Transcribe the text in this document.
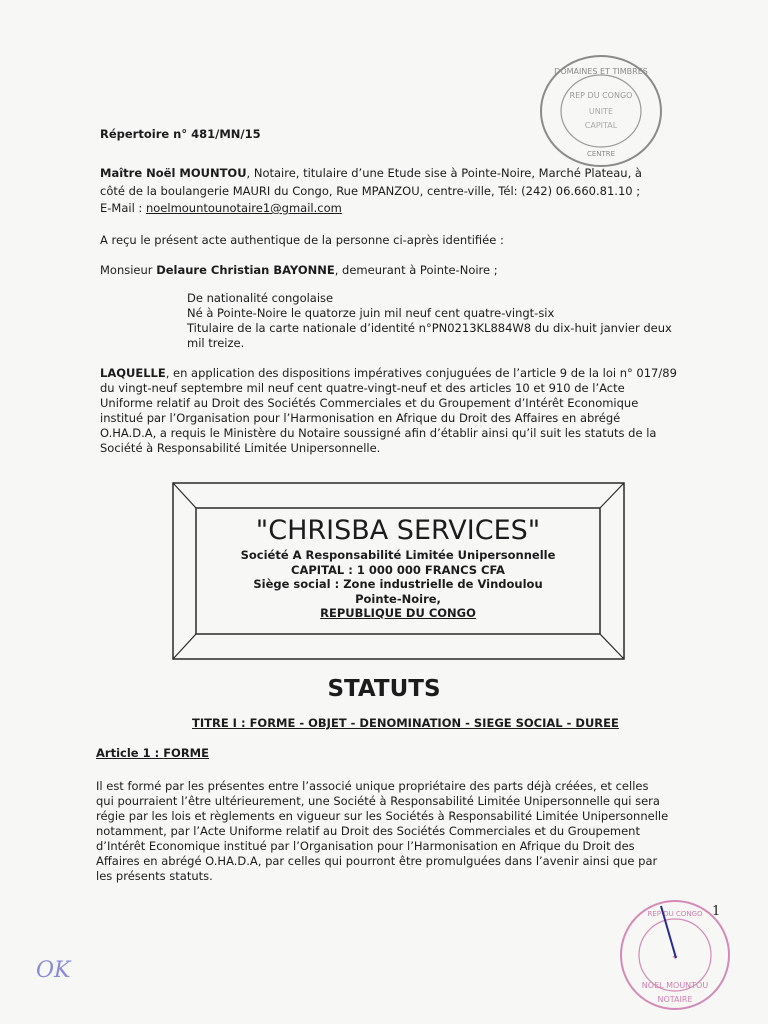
DOMAINES ET TIMBRES
REP DU CONGO
UNITE
CAPITAL
CENTRE

Répertoire n° 481/MN/15

Maître Noël MOUNTOU, Notaire, titulaire d’une Etude sise à Pointe-Noire, Marché Plateau, à

côté de la boulangerie MAURI du Congo, Rue MPANZOU, centre-ville, Tél: (242) 06.660.81.10 ;

E-Mail : noelmountounotaire1@gmail.com

A reçu le présent acte authentique de la personne ci-après identifiée :

Monsieur Delaure Christian BAYONNE, demeurant à Pointe-Noire ;

De nationalité congolaise

Né à Pointe-Noire le quatorze juin mil neuf cent quatre-vingt-six

Titulaire de la carte nationale d’identité n°PN0213KL884W8 du dix-huit janvier deux

mil treize.

LAQUELLE, en application des dispositions impératives conjuguées de l’article 9 de la loi n° 017/89

du vingt-neuf septembre mil neuf cent quatre-vingt-neuf et des articles 10 et 910 de l’Acte

Uniforme relatif au Droit des Sociétés Commerciales et du Groupement d’Intérêt Economique

institué par l’Organisation pour l’Harmonisation en Afrique du Droit des Affaires en abrégé

O.HA.D.A, a requis le Ministère du Notaire soussigné afin d’établir ainsi qu’il suit les statuts de la

Société à Responsabilité Limitée Unipersonnelle.

"CHRISBA SERVICES"

Société A Responsabilité Limitée Unipersonnelle

CAPITAL : 1 000 000 FRANCS CFA

Siège social : Zone industrielle de Vindoulou

Pointe-Noire,

REPUBLIQUE DU CONGO

STATUTS

TITRE I : FORME - OBJET - DENOMINATION - SIEGE SOCIAL - DUREE

Article 1 : FORME

Il est formé par les présentes entre l’associé unique propriétaire des parts déjà créées, et celles

qui pourraient l’être ultérieurement, une Société à Responsabilité Limitée Unipersonnelle qui sera

régie par les lois et règlements en vigueur sur les Sociétés à Responsabilité Limitée Unipersonnelle

notamment, par l’Acte Uniforme relatif au Droit des Sociétés Commerciales et du Groupement

d’Intérêt Economique institué par l’Organisation pour l’Harmonisation en Afrique du Droit des

Affaires en abrégé O.HA.D.A, par celles qui pourront être promulguées dans l’avenir ainsi que par

les présents statuts.

REP DU CONGO
✦
NOEL MOUNTOU
NOTAIRE
1
OK
